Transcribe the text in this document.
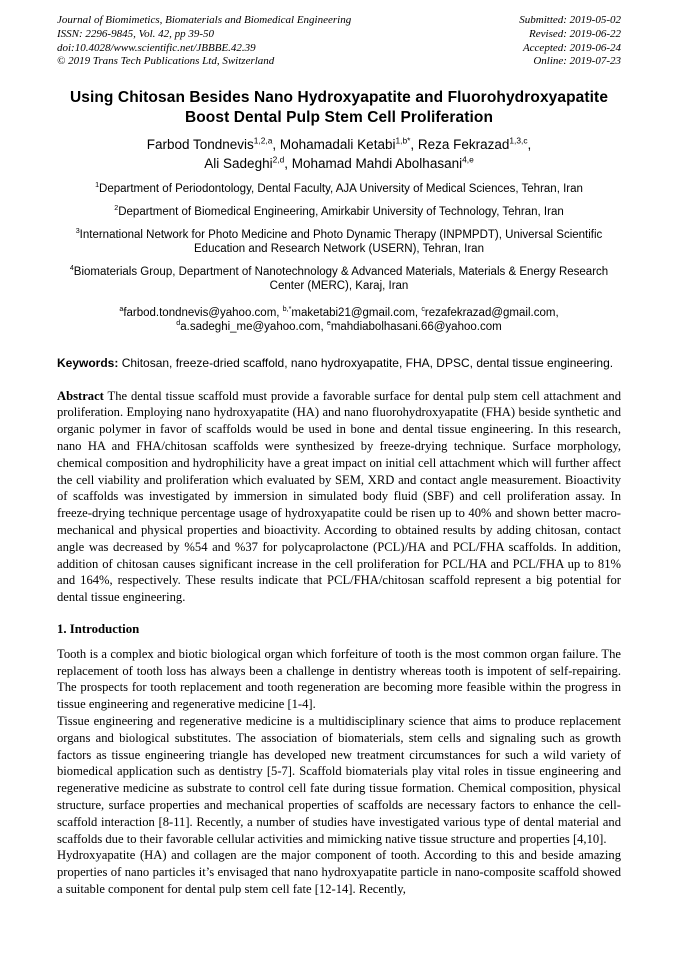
Journal of Biomimetics, Biomaterials and Biomedical Engineering
ISSN: 2296-9845, Vol. 42, pp 39-50
doi:10.4028/www.scientific.net/JBBBE.42.39
© 2019 Trans Tech Publications Ltd, Switzerland
Submitted: 2019-05-02
Revised: 2019-06-22
Accepted: 2019-06-24
Online: 2019-07-23
Using Chitosan Besides Nano Hydroxyapatite and Fluorohydroxyapatite
Boost Dental Pulp Stem Cell Proliferation
Farbod Tondnevis$^{1,2,a}$, Mohamadali Ketabi$^{1,b*}$, Reza Fekrazad$^{1,3,c}$,
Ali Sadeghi$^{2,d}$, Mohamad Mahdi Abolhasani$^{4,e}$
$^1$Department of Periodontology, Dental Faculty, AJA University of Medical Sciences, Tehran, Iran
$^2$Department of Biomedical Engineering, Amirkabir University of Technology, Tehran, Iran
$^3$International Network for Photo Medicine and Photo Dynamic Therapy (INPMPDT), Universal Scientific Education and Research Network (USERN), Tehran, Iran
$^4$Biomaterials Group, Department of Nanotechnology & Advanced Materials, Materials & Energy Research Center (MERC), Karaj, Iran
$^a$farbod.tondnevis@yahoo.com, $^{b,*}$maketabi21@gmail.com, $^c$rezafekrazad@gmail.com,
$^d$a.sadeghi_me@yahoo.com, $^e$mahdiabolhasani.66@yahoo.com
Keywords: Chitosan, freeze-dried scaffold, nano hydroxyapatite, FHA, DPSC, dental tissue engineering.
Abstract The dental tissue scaffold must provide a favorable surface for dental pulp stem cell attachment and proliferation. Employing nano hydroxyapatite (HA) and nano fluorohydroxyapatite (FHA) beside synthetic and organic polymer in favor of scaffolds would be used in bone and dental tissue engineering. In this research, nano HA and FHA/chitosan scaffolds were synthesized by freeze-drying technique. Surface morphology, chemical composition and hydrophilicity have a great impact on initial cell attachment which will further affect the cell viability and proliferation which evaluated by SEM, XRD and contact angle measurement. Bioactivity of scaffolds was investigated by immersion in simulated body fluid (SBF) and cell proliferation assay. In freeze-drying technique percentage usage of hydroxyapatite could be risen up to 40% and shown better macro-mechanical and physical properties and bioactivity. According to obtained results by adding chitosan, contact angle was decreased by %54 and %37 for polycaprolactone (PCL)/HA and PCL/FHA scaffolds. In addition, addition of chitosan causes significant increase in the cell proliferation for PCL/HA and PCL/FHA up to 81% and 164%, respectively. These results indicate that PCL/FHA/chitosan scaffold represent a big potential for dental tissue engineering.
1. Introduction

Tooth is a complex and biotic biological organ which forfeiture of tooth is the most common organ failure. The replacement of tooth loss has always been a challenge in dentistry whereas tooth is impotent of self-repairing. The prospects for tooth replacement and tooth regeneration are becoming more feasible within the progress in tissue engineering and regenerative medicine [1-4].

Tissue engineering and regenerative medicine is a multidisciplinary science that aims to produce replacement organs and biological substitutes. The association of biomaterials, stem cells and signaling such as growth factors as tissue engineering triangle has developed new treatment circumstances for such a wild variety of biomedical application such as dentistry [5-7]. Scaffold biomaterials play vital roles in tissue engineering and regenerative medicine as substrate to control cell fate during tissue formation. Chemical composition, physical structure, surface properties and mechanical properties of scaffolds are necessary factors to enhance the cell-scaffold interaction [8-11]. Recently, a number of studies have investigated various type of dental material and scaffolds due to their favorable cellular activities and mimicking native tissue structure and properties [4,10].

Hydroxyapatite (HA) and collagen are the major component of tooth. According to this and beside amazing properties of nano particles it’s envisaged that nano hydroxyapatite particle in nano-composite scaffold showed a suitable component for dental pulp stem cell fate [12-14]. Recently,
